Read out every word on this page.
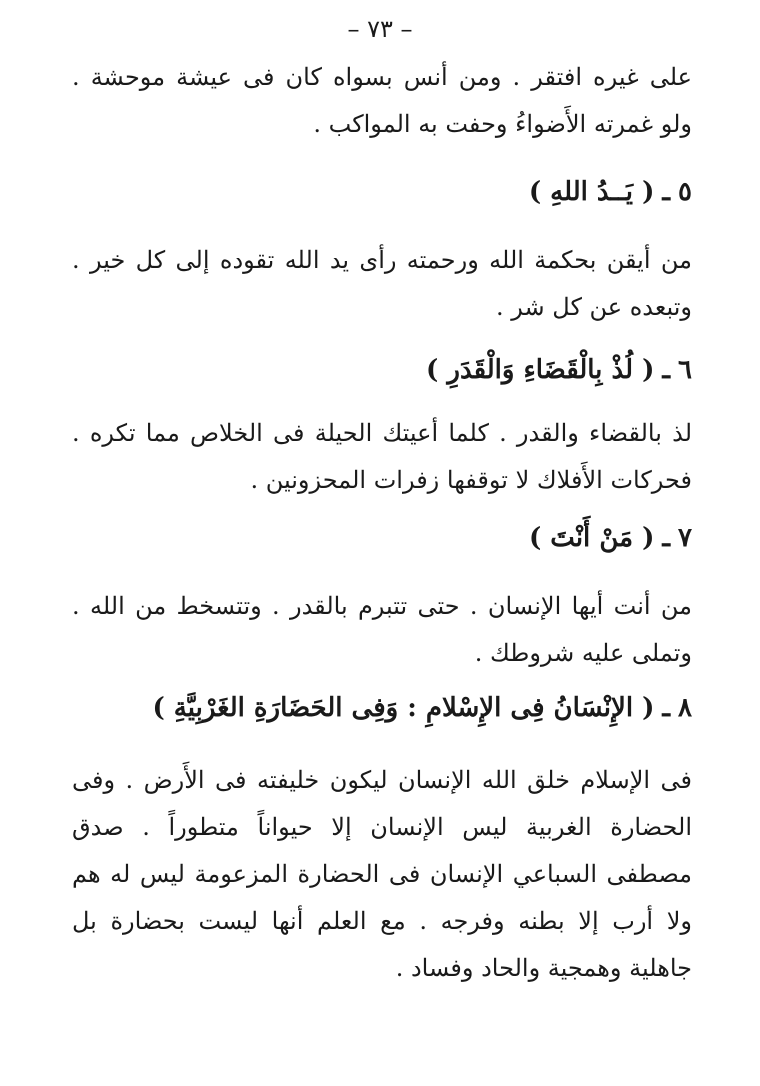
– ٧٣ –

على غيره افتقر . ومن أنس بسواه كان فى عيشة موحشة . ولو غمرته الأَضواءُ وحفت به المواكب .

٥ـ( يَــدُ اللهِ )

من أيقن بحكمة الله ورحمته رأى يد الله تقوده إلى كل خير . وتبعده عن كل شر .

٦ـ( لُذْ بِالْقَضَاءِ وَالْقَدَرِ )

لذ بالقضاء والقدر . كلما أعيتك الحيلة فى الخلاص مما تكره . فحركات الأَفلاك لا توقفها زفرات المحزونين .

٧ـ( مَنْ أَنْتَ )

من أنت أيها الإنسان . حتى تتبرم بالقدر . وتتسخط من الله . وتملى عليه شروطك .

٨ـ( الإِنْسَانُ فِى الإِسْلامِ : وَفِى الحَضَارَةِ الغَرْبِيَّةِ )

فى الإسلام خلق الله الإنسان ليكون خليفته فى الأَرض . وفى الحضارة الغربية ليس الإنسان إلا حيواناً متطوراً . صدق مصطفى السباعي الإنسان فى الحضارة المزعومة ليس له هم ولا أرب إلا بطنه وفرجه . مع العلم أنها ليست بحضارة بل جاهلية وهمجية والحاد وفساد .
